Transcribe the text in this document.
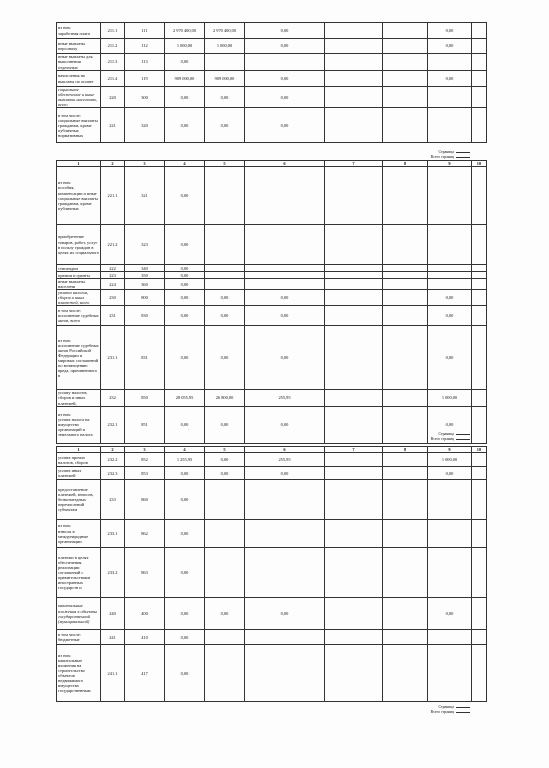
из них:
заработная плата	211.1	111	2 970 400,00	2 970 400,00	0,00			0,00	
иные выплаты персоналу	211.2	112	1 000,00	1 000,00	0,00			0,00	
иные выплаты для выполнения отдельных	211.3	113	0,00						
начисления на выплаты по оплате	211.4	119	909 000,00	909 000,00	0,00			0,00	
социальное обеспечение и иные выплаты населению, всего	220	300	0,00	0,00	0,00				
в том числе:
социальные выплаты гражданам, кроме публичных нормативных	221	320	0,00	0,00	0,00				
Страница
Всего страниц
1	2	3	4	5	6	7	8	9	10
из них:
пособия, компенсации и иные социальные выплаты гражданам, кроме публичных	221.1	321	0,00						
приобретение товаров, работ, услуг в пользу граждан в целях их социального	221.2	323	0,00						
стипендии	222	340	0,00						
премии и гранты	223	350	0,00						
иные выплаты населени	224	360	0,00						
уплата налогов, сборов и иных платежей, всего	230	800	0,00	0,00	0,00			0,00	
в том числе:
исполнение судебных актов, всего	231	830	0,00	0,00	0,00			0,00	
из них:
исполнение судебных актов Российской Федерации и мировых соглашений по возмещению вреда, причиненного в	231.1	831	0,00	0,00	0,00			0,00	
уплату налогов, сборов и иных платежей,	232	850	28 055,95	26 800,00	255,95			1 000,00	
из них:
уплата налога на имущество организаций и земельного налога	232.1	851	0,00	0,00	0,00			0,00	
Страница
Всего страниц
1	2	3	4	5	6	7	8	9	10
уплата прочих налогов, сборов	232.2	852	1 255,95	0,00	255,95			1 000,00	
уплата иных платежей	232.3	853	0,00	0,00	0,00			0,00	
предоставление платежей, взносов, безвозмездных перечислений субъектам	233	860	0,00						
из них:
взносы в международные организации	233.1	862	0,00						
платежи в целях обеспечения реализации соглашений с правительствами иностранных государств и	233.2	863	0,00						
капитальные вложения в объекты государственной (муниципальной)	240	400	0,00	0,00	0,00			0,00	
в том числе:
бюджетные	241	410	0,00						
из них:
капитальные вложения на строительство объектов недвижимого имущества государственным	241.1	417	0,00						
Страница
Всего страниц
·
